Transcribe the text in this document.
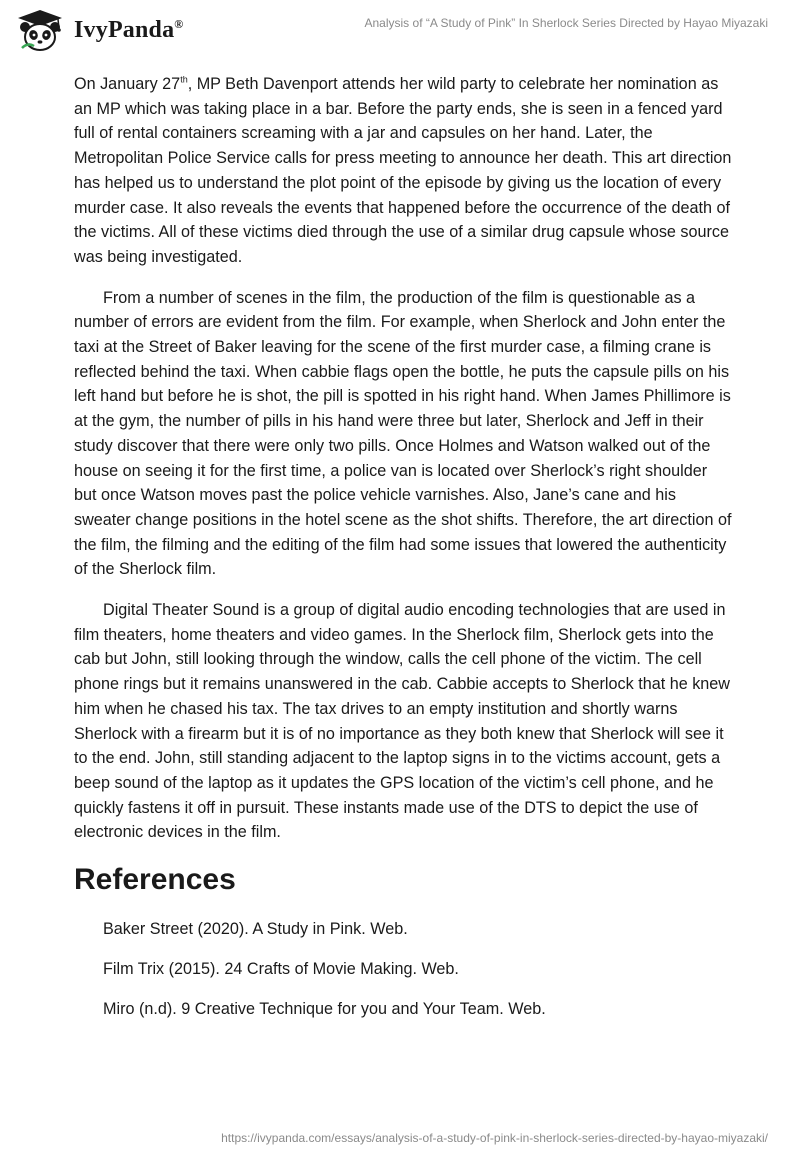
IvyPanda®	Analysis of “A Study of Pink” In Sherlock Series Directed by Hayao Miyazaki

On January 27th, MP Beth Davenport attends her wild party to celebrate her nomination as an MP which was taking place in a bar. Before the party ends, she is seen in a fenced yard full of rental containers screaming with a jar and capsules on her hand. Later, the Metropolitan Police Service calls for press meeting to announce her death. This art direction has helped us to understand the plot point of the episode by giving us the location of every murder case. It also reveals the events that happened before the occurrence of the death of the victims. All of these victims died through the use of a similar drug capsule whose source was being investigated.

From a number of scenes in the film, the production of the film is questionable as a number of errors are evident from the film. For example, when Sherlock and John enter the taxi at the Street of Baker leaving for the scene of the first murder case, a filming crane is reflected behind the taxi. When cabbie flags open the bottle, he puts the capsule pills on his left hand but before he is shot, the pill is spotted in his right hand. When James Phillimore is at the gym, the number of pills in his hand were three but later, Sherlock and Jeff in their study discover that there were only two pills. Once Holmes and Watson walked out of the house on seeing it for the first time, a police van is located over Sherlock’s right shoulder but once Watson moves past the police vehicle varnishes. Also, Jane’s cane and his sweater change positions in the hotel scene as the shot shifts. Therefore, the art direction of the film, the filming and the editing of the film had some issues that lowered the authenticity of the Sherlock film.

Digital Theater Sound is a group of digital audio encoding technologies that are used in film theaters, home theaters and video games. In the Sherlock film, Sherlock gets into the cab but John, still looking through the window, calls the cell phone of the victim. The cell phone rings but it remains unanswered in the cab. Cabbie accepts to Sherlock that he knew him when he chased his tax. The tax drives to an empty institution and shortly warns Sherlock with a firearm but it is of no importance as they both knew that Sherlock will see it to the end. John, still standing adjacent to the laptop signs in to the victims account, gets a beep sound of the laptop as it updates the GPS location of the victim’s cell phone, and he quickly fastens it off in pursuit. These instants made use of the DTS to depict the use of electronic devices in the film.

References
Baker Street (2020). A Study in Pink. Web.
Film Trix (2015). 24 Crafts of Movie Making. Web.
Miro (n.d). 9 Creative Technique for you and Your Team. Web.
https://ivypanda.com/essays/analysis-of-a-study-of-pink-in-sherlock-series-directed-by-hayao-miyazaki/
